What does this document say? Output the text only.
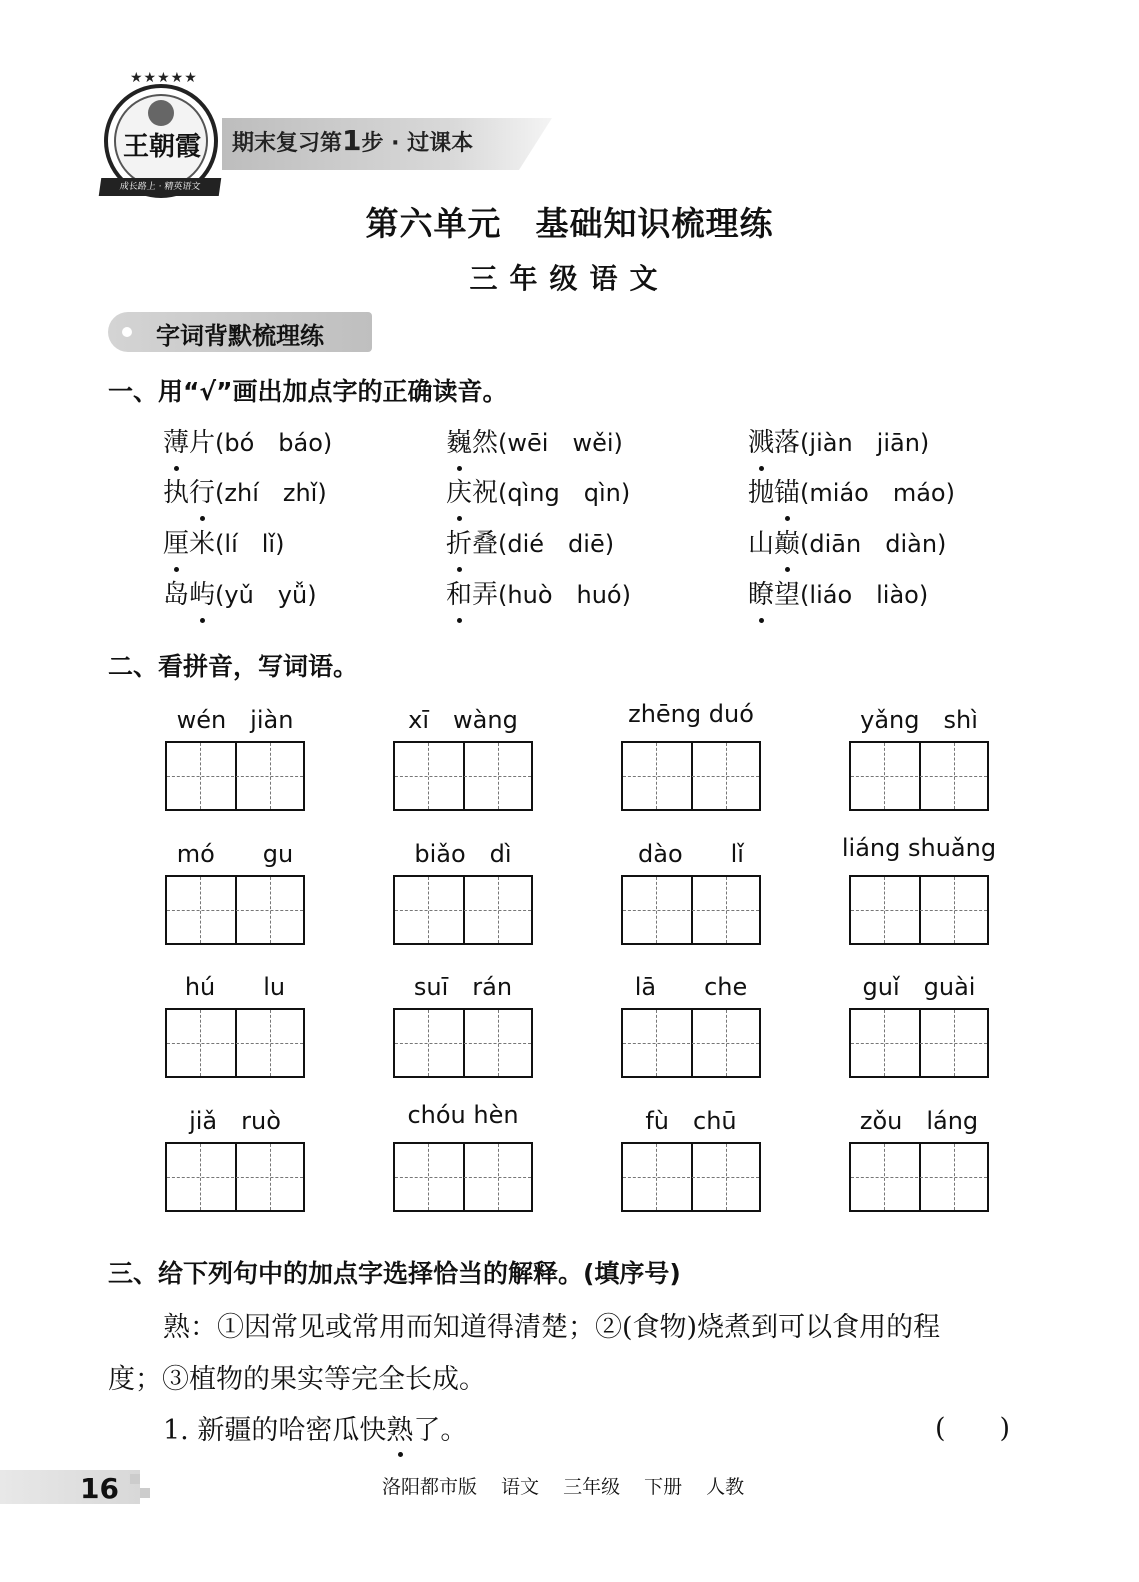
★★★★★
王朝霞
成长路上 · 精英语文
期末复习第1步 · 过课本
第六单元　基础知识梳理练
三年级语文
字词背默梳理练
一、用“√”画出加点字的正确读音。
薄片(bó　báo)	巍然(wēi　wěi)	溅落(jiàn　jiān)
执行(zhí　zhǐ)	庆祝(qìng　qìn)	抛锚(miáo　máo)
厘米(lí　lǐ)	折叠(dié　diē)	山巅(diān　diàn)
岛屿(yǔ　yǚ)	和弄(huò　huó)	瞭望(liáo　liào)
二、看拼音，写词语。
wén　jiàn	xī　wàng	zhēng duó	yǎng　shì
mó　　gu	biǎo　dì	dào　　lǐ	liáng shuǎng
hú　　lu	suī　rán	lā　　che	guǐ　guài
jiǎ　ruò	chóu hèn	fù　chū	zǒu　láng
三、给下列句中的加点字选择恰当的解释。(填序号)
熟：①因常见或常用而知道得清楚；②(食物)烧煮到可以食用的程
度；③植物的果实等完全长成。
1. 新疆的哈密瓜快熟了。	(　　)
16	洛阳都市版 语文 三年级 下册 人教
